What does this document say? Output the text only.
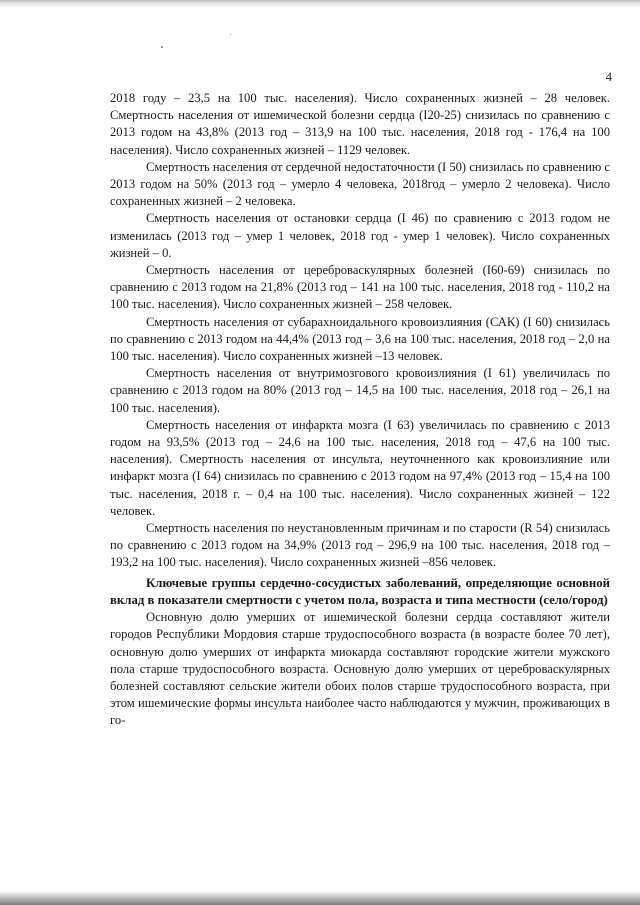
4

2018 году – 23,5 на 100 тыс. населения). Число сохраненных жизней – 28 человек. Смертность населения от ишемической болезни сердца (I20-25) снизилась по сравнению с 2013 годом на 43,8% (2013 год – 313,9 на 100 тыс. населения, 2018 год - 176,4 на 100 населения). Число сохраненных жизней – 1129 человек.

Смертность населения от сердечной недостаточности (I 50) снизилась по сравнению с 2013 годом на 50% (2013 год – умерло 4 человека, 2018год – умерло 2 человека). Число сохраненных жизней – 2 человека.

Смертность населения от остановки сердца (I 46) по сравнению с 2013 годом не изменилась (2013 год – умер 1 человек, 2018 год - умер 1 человек). Число сохраненных жизней – 0.

Смертность населения от цереброваскулярных болезней (I60-69) снизилась по сравнению с 2013 годом на 21,8% (2013 год – 141 на 100 тыс. населения, 2018 год - 110,2 на 100 тыс. населения). Число сохраненных жизней – 258 человек.

Смертность населения от субарахноидального кровоизлияния (САК) (I 60) снизилась по сравнению с 2013 годом на 44,4% (2013 год – 3,6 на 100 тыс. населения, 2018 год – 2,0 на 100 тыс. населения). Число сохраненных жизней –13 человек.

Смертность населения от внутримозгового кровоизлияния (I 61) увеличилась по сравнению с 2013 годом на 80% (2013 год – 14,5 на 100 тыс. населения, 2018 год – 26,1 на 100 тыс. населения).

Смертность населения от инфаркта мозга (I 63) увеличилась по сравнению с 2013 годом на 93,5% (2013 год – 24,6 на 100 тыс. населения, 2018 год – 47,6 на 100 тыс. населения). Смертность населения от инсульта, неуточненного как кровоизлияние или инфаркт мозга (I 64) снизилась по сравнению с 2013 годом на 97,4% (2013 год – 15,4 на 100 тыс. населения, 2018 г. – 0,4 на 100 тыс. населения). Число сохраненных жизней – 122 человек.

Смертность населения по неустановленным причинам и по старости (R 54) снизилась по сравнению с 2013 годом на 34,9% (2013 год – 296,9 на 100 тыс. населения, 2018 год – 193,2 на 100 тыс. населения). Число сохраненных жизней –856 человек.

Ключевые группы сердечно-сосудистых заболеваний, определяющие основной вклад в показатели смертности с учетом пола, возраста и типа местности (село/город)

Основную долю умерших от ишемической болезни сердца составляют жители городов Республики Мордовия старше трудоспособного возраста (в возрасте более 70 лет), основную долю умерших от инфаркта миокарда составляют городские жители мужского пола старше трудоспособного возраста. Основную долю умерших от цереброваскулярных болезней составляют сельские жители обоих полов старше трудоспособного возраста, при этом ишемические формы инсульта наиболее часто наблюдаются у мужчин, проживающих в го-
